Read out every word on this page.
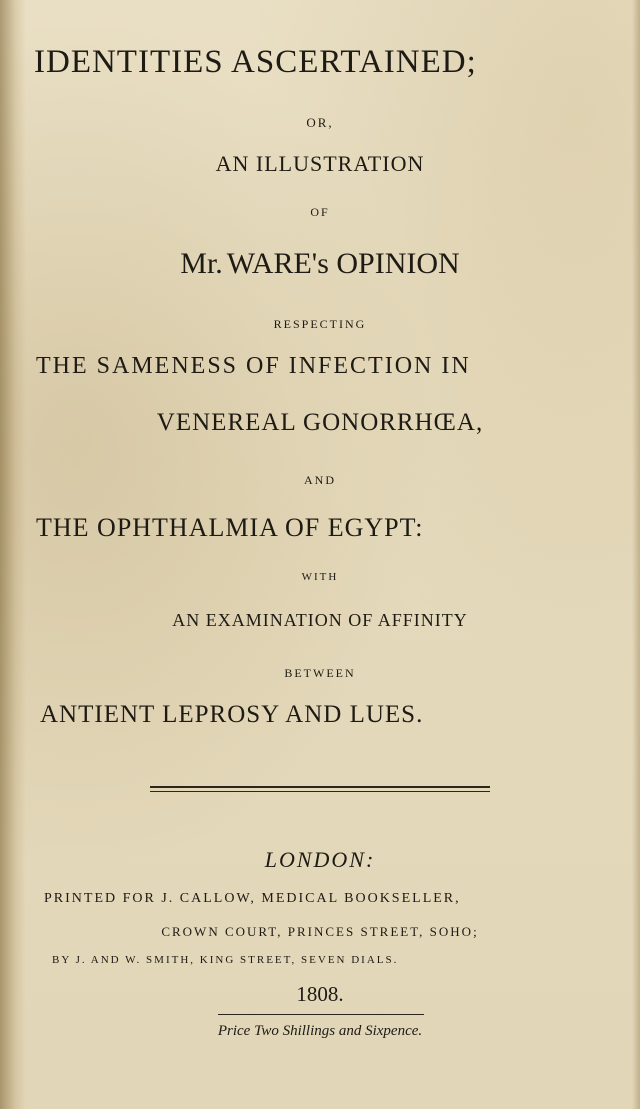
IDENTITIES ASCERTAINED;
OR,
AN ILLUSTRATION
OF
Mr. WARE's OPINION
RESPECTING
THE SAMENESS OF INFECTION IN
VENEREAL GONORRHŒA,
AND
THE OPHTHALMIA OF EGYPT:
WITH
AN EXAMINATION OF AFFINITY
BETWEEN
ANTIENT LEPROSY AND LUES.
LONDON:
PRINTED FOR J. CALLOW, MEDICAL BOOKSELLER,
CROWN COURT, PRINCES STREET, SOHO;
BY J. AND W. SMITH, KING STREET, SEVEN DIALS.
1808.
Price Two Shillings and Sixpence.
